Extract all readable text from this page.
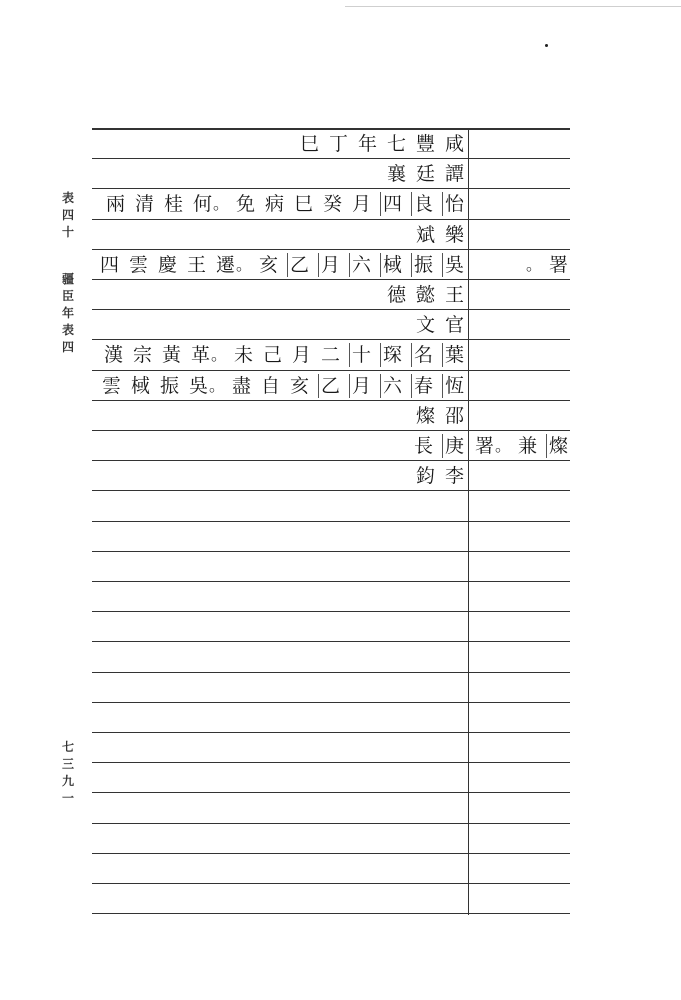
表
四
十
疆
臣
年
表
四
七
三
九
一
咸
豐
七
年
丁
巳
譚
廷
襄
怡
良
四
月
癸
巳
病
免
。
何
桂
清
兩
樂
斌
吳
振
棫
六
月
乙
亥
。
遷
王
慶
雲
四	署
。
王
懿
德
官
文
葉
名
琛
十
二
月
己
未
。
革
黃
宗
漢
恆
春
六
月
乙
亥
自
盡
。
吳
振
棫
雲
邵
燦
庚
長	燦
兼
。
署
李
鈞
